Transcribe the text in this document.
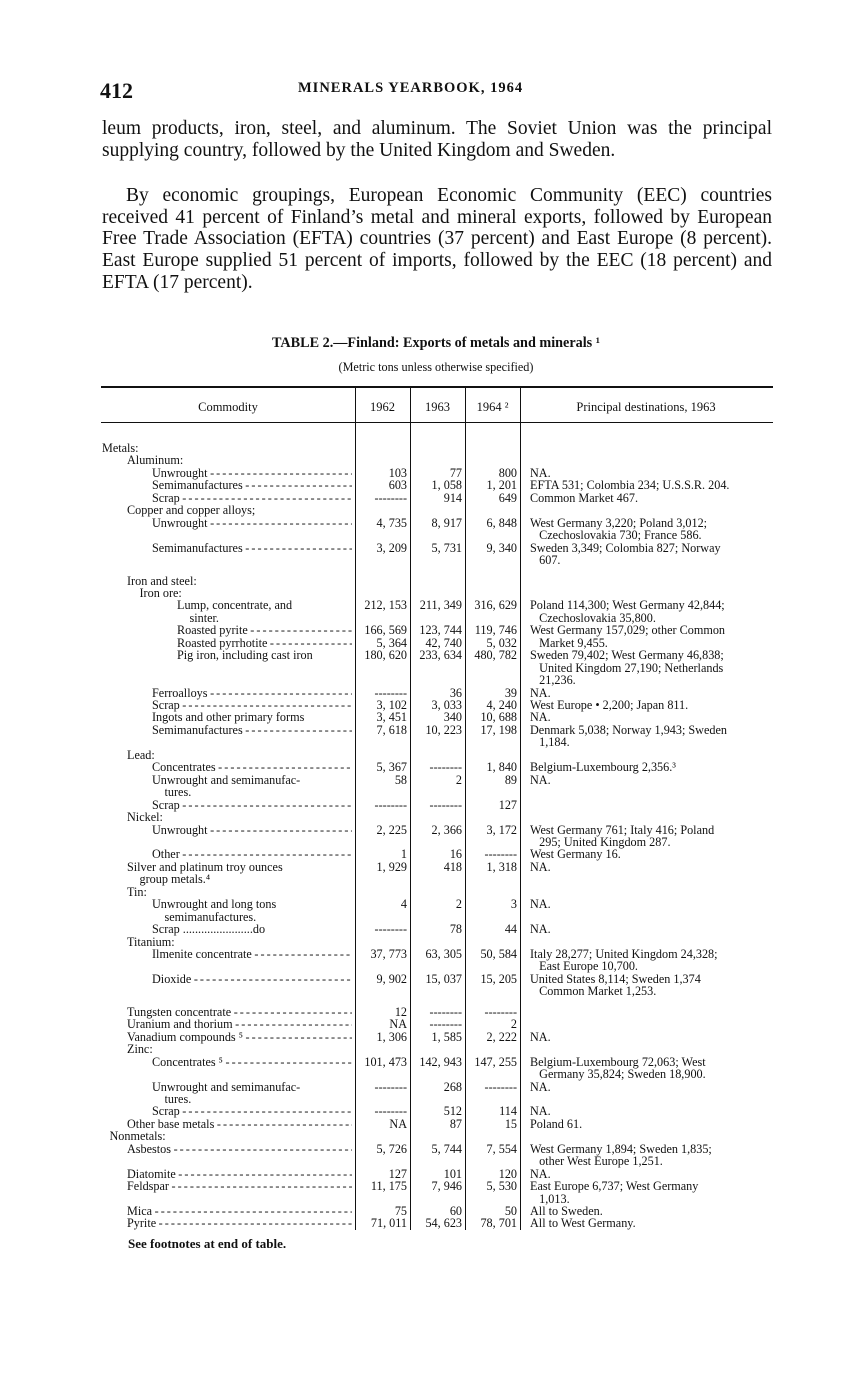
412	MINERALS YEARBOOK, 1964

leum products, iron, steel, and aluminum. The Soviet Union was the principal supplying country, followed by the United Kingdom and Sweden.

By economic groupings, European Economic Community (EEC) countries received 41 percent of Finland’s metal and mineral exports, followed by European Free Trade Association (EFTA) countries (37 percent) and East Europe (8 percent). East Europe supplied 51 percent of imports, followed by the EEC (18 percent) and EFTA (17 percent).

TABLE 2.—Finland: Exports of metals and minerals ¹
(Metric tons unless otherwise specified)
Commodity	1962	1963	1964 ²	Principal destinations, 1963
Metals:
Aluminum:
Unwrought - - -	103	77	800 NA.
Semimanufactures - - -	603	1, 058	1, 201 EFTA 531; Colombia 234; U.S.S.R. 204.
Scrap - - -	--------	914	649 Common Market 467.
Copper and copper alloys;
Unwrought - - -	4, 735	8, 917	6, 848 West Germany 3,220; Poland 3,012;
Czechoslovakia 730; France 586.
Semimanufactures - - -	3, 209	5, 731	9, 340 Sweden 3,349; Colombia 827; Norway
607.
Iron and steel:
Iron ore:
Lump, concentrate, and	212, 153	211, 349	316, 629 Poland 114,300; West Germany 42,844;
sinter.	Czechoslovakia 35,800.
Roasted pyrite - - -	166, 569	123, 744	119, 746 West Germany 157,029; other Common
Roasted pyrrhotite - - -	5, 364	42, 740	5, 032 Market 9,455.
Pig iron, including cast iron	180, 620	233, 634	480, 782 Sweden 79,402; West Germany 46,838;
United Kingdom 27,190; Netherlands
21,236.
Ferroalloys - - -	--------	36	39 NA.
Scrap - - -	3, 102	3, 033	4, 240 West Europe • 2,200; Japan 811.
Ingots and other primary forms	3, 451	340	10, 688 NA.
Semimanufactures - - -	7, 618	10, 223	17, 198 Denmark 5,038; Norway 1,943; Sweden
1,184.
Lead:
Concentrates - - -	5, 367	--------	1, 840 Belgium-Luxembourg 2,356.³
Unwrought and semimanufac-	58	2	89 NA.
tures.
Scrap - - -	--------	--------	127
Nickel:
Unwrought - - -	2, 225	2, 366	3, 172 West Germany 761; Italy 416; Poland
295; United Kingdom 287.
Other - - -	1	16	-------- West Germany 16.
Silver and platinum troy ounces	1, 929	418	1, 318 NA.
group metals.⁴
Tin:
Unwrought and long tons	4	2	3 NA.
semimanufactures.
Scrap .......................do	--------	78	44 NA.
Titanium:
Ilmenite concentrate - - -	37, 773	63, 305	50, 584 Italy 28,277; United Kingdom 24,328;
East Europe 10,700.
Dioxide - - -	9, 902	15, 037	15, 205 United States 8,114; Sweden 1,374
Common Market 1,253.
Tungsten concentrate - - -	12	--------	--------
Uranium and thorium - - -	NA	--------	2
Vanadium compounds ⁵ - - -	1, 306	1, 585	2, 222 NA.
Zinc:
Concentrates ⁵ - - -	101, 473	142, 943	147, 255 Belgium-Luxembourg 72,063; West
Germany 35,824; Sweden 18,900.
Unwrought and semimanufac-	--------	268	-------- NA.
tures.
Scrap - - -	--------	512	114 NA.
Other base metals - - -	NA	87	15 Poland 61.
Nonmetals:
Asbestos - - -	5, 726	5, 744	7, 554 West Germany 1,894; Sweden 1,835;
other West Europe 1,251.
Diatomite - - -	127	101	120 NA.
Feldspar - - -	11, 175	7, 946	5, 530 East Europe 6,737; West Germany
1,013.
Mica - - -	75	60	50 All to Sweden.
Pyrite - - -	71, 011	54, 623	78, 701 All to West Germany.
See footnotes at end of table.
